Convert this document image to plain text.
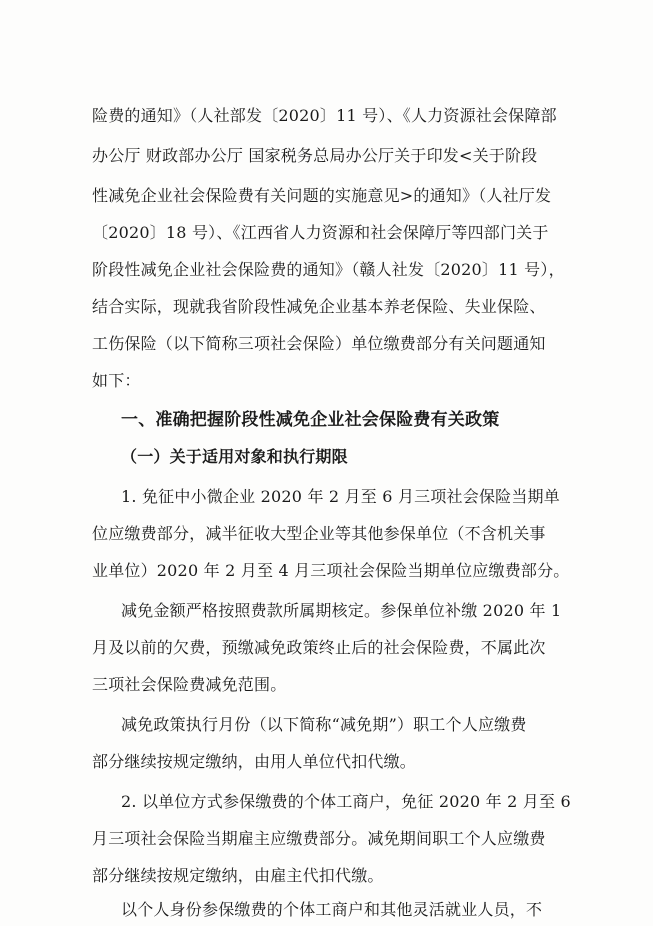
险费的通知》（人社部发〔2020〕11 号）、《人力资源社会保障部
办公厅 财政部办公厅 国家税务总局办公厅关于印发<关于阶段
性减免企业社会保险费有关问题的实施意见>的通知》（人社厅发
〔2020〕18 号）、《江西省人力资源和社会保障厅等四部门关于
阶段性减免企业社会保险费的通知》（赣人社发〔2020〕11 号），
结合实际，现就我省阶段性减免企业基本养老保险、失业保险、
工伤保险（以下简称三项社会保险）单位缴费部分有关问题通知
如下：
一、准确把握阶段性减免企业社会保险费有关政策
（一）关于适用对象和执行期限
1. 免征中小微企业 2020 年 2 月至 6 月三项社会保险当期单
位应缴费部分，减半征收大型企业等其他参保单位（不含机关事
业单位）2020 年 2 月至 4 月三项社会保险当期单位应缴费部分。
减免金额严格按照费款所属期核定。参保单位补缴 2020 年 1
月及以前的欠费，预缴减免政策终止后的社会保险费，不属此次
三项社会保险费减免范围。
减免政策执行月份（以下简称“减免期”）职工个人应缴费
部分继续按规定缴纳，由用人单位代扣代缴。
2. 以单位方式参保缴费的个体工商户，免征 2020 年 2 月至 6
月三项社会保险当期雇主应缴费部分。减免期间职工个人应缴费
部分继续按规定缴纳，由雇主代扣代缴。
以个人身份参保缴费的个体工商户和其他灵活就业人员，不
